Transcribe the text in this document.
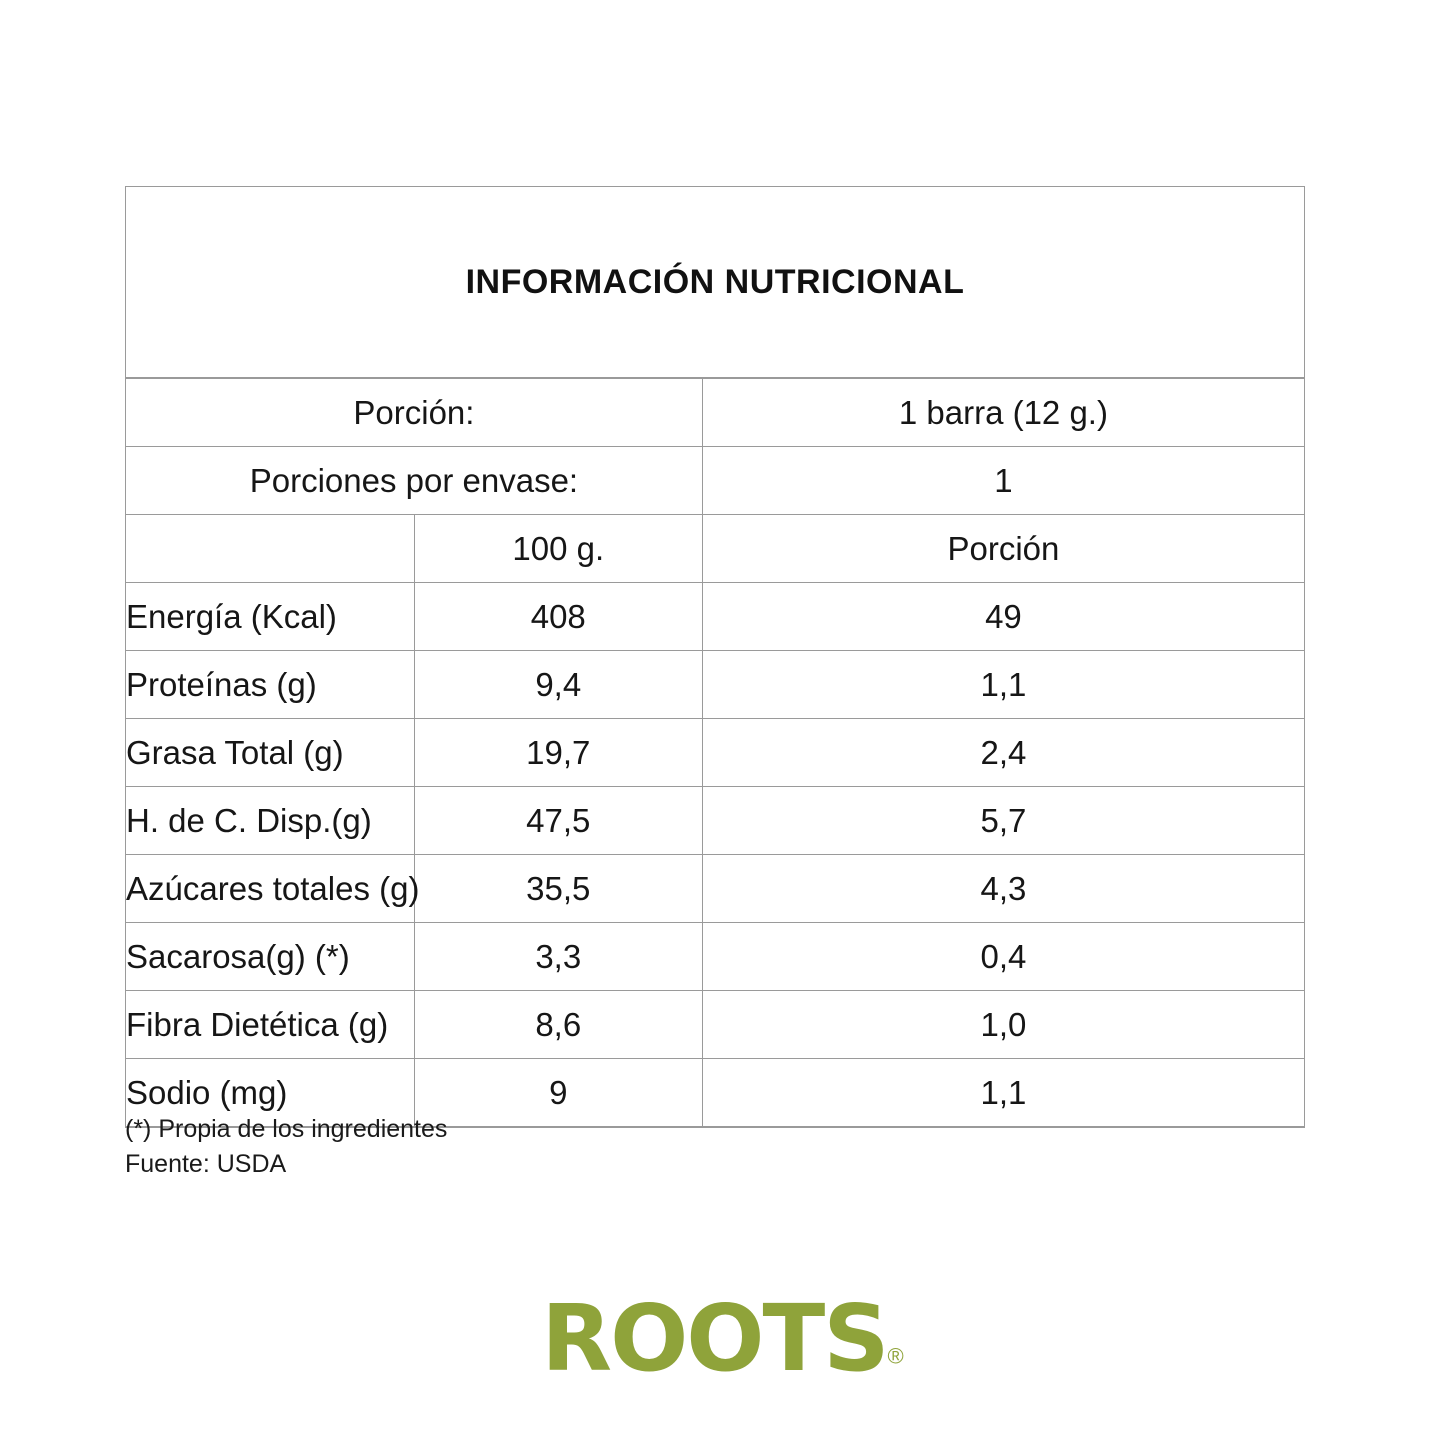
INFORMACIÓN NUTRICIONAL
Porción:		1 barra (12 g.)
Porciones por envase:		1
	100 g.	Porción
Energía (Kcal)	408	49
Proteínas (g)	9,4	1,1
Grasa Total (g)	19,7	2,4
H. de C. Disp.(g)	47,5	5,7
Azúcares totales (g)	35,5	4,3
Sacarosa(g) (*)	3,3	0,4
Fibra Dietética (g)	8,6	1,0
Sodio (mg)	9	1,1
(*) Propia de los ingredientes
Fuente: USDA
ROOTS®
